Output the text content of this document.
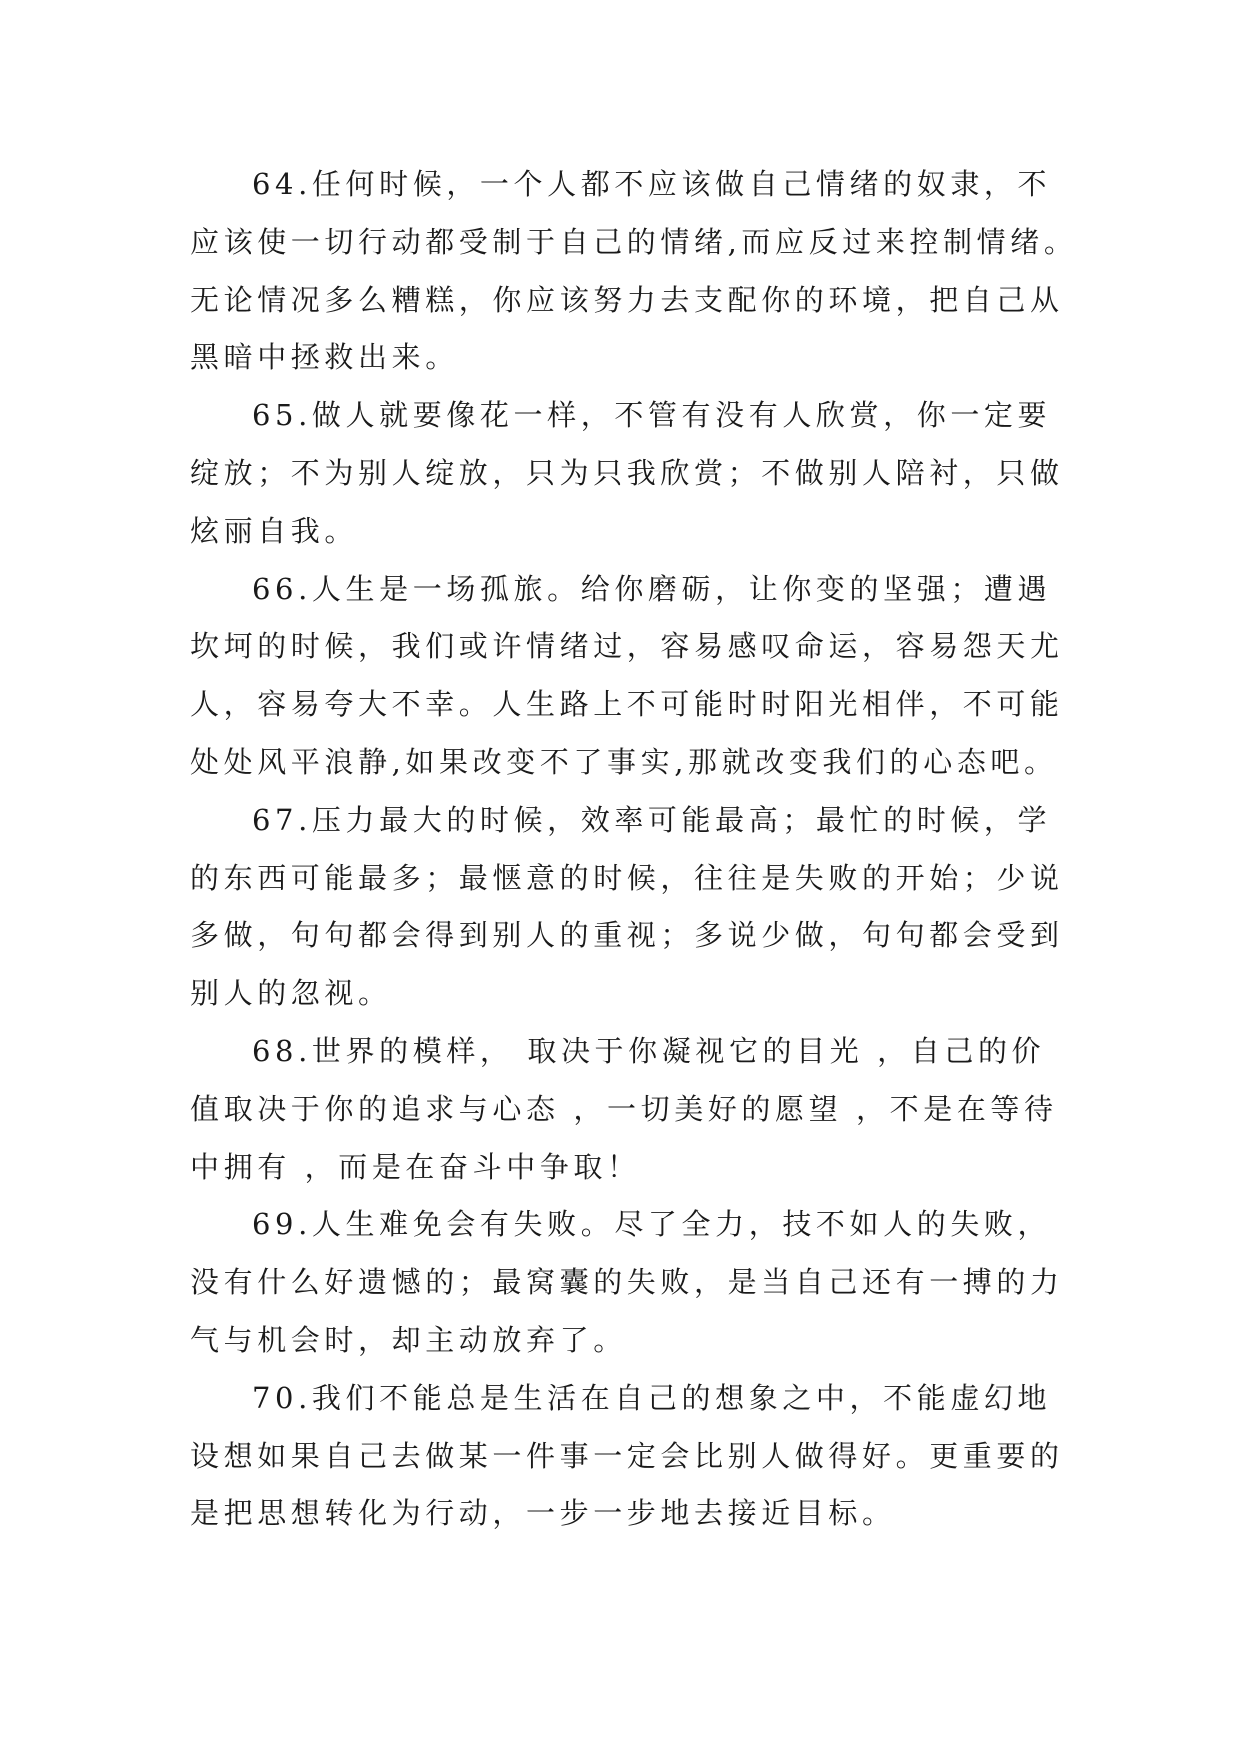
64.任何时候，一个人都不应该做自己情绪的奴隶，不
应该使一切行动都受制于自己的情绪,而应反过来控制情绪。
无论情况多么糟糕，你应该努力去支配你的环境，把自己从
黑暗中拯救出来。
65.做人就要像花一样，不管有没有人欣赏，你一定要
绽放；不为别人绽放，只为只我欣赏；不做别人陪衬，只做
炫丽自我。
66.人生是一场孤旅。给你磨砺，让你变的坚强；遭遇
坎坷的时候，我们或许情绪过，容易感叹命运，容易怨天尤
人，容易夸大不幸。人生路上不可能时时阳光相伴，不可能
处处风平浪静,如果改变不了事实,那就改变我们的心态吧。
67.压力最大的时候，效率可能最高；最忙的时候，学
的东西可能最多；最惬意的时候，往往是失败的开始；少说
多做，句句都会得到别人的重视；多说少做，句句都会受到
别人的忽视。
68.世界的模样， 取决于你凝视它的目光 ，自己的价
值取决于你的追求与心态 ，一切美好的愿望 ，不是在等待
中拥有 ，而是在奋斗中争取！
69.人生难免会有失败。尽了全力，技不如人的失败，
没有什么好遗憾的；最窝囊的失败，是当自己还有一搏的力
气与机会时，却主动放弃了。
70.我们不能总是生活在自己的想象之中，不能虚幻地
设想如果自己去做某一件事一定会比别人做得好。更重要的
是把思想转化为行动，一步一步地去接近目标。
